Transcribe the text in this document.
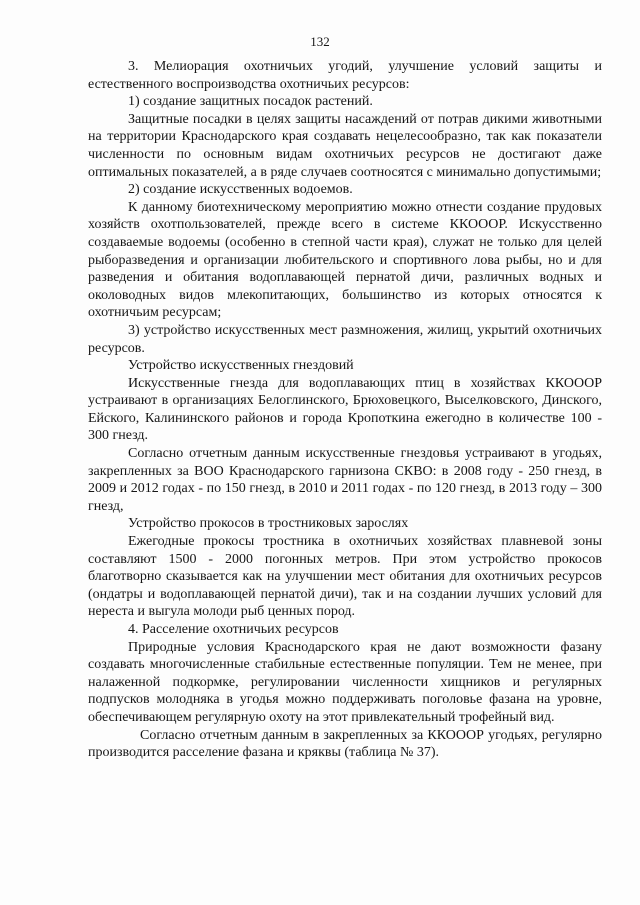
132

3. Мелиорация охотничьих угодий, улучшение условий защиты и естественного воспроизводства охотничьих ресурсов:

1) создание защитных посадок растений.

Защитные посадки в целях защиты насаждений от потрав дикими животными на территории Краснодарского края создавать нецелесообразно, так как показатели численности по основным видам охотничьих ресурсов не достигают даже оптимальных показателей, а в ряде случаев соотносятся с минимально допустимыми;

2) создание искусственных водоемов.

К данному биотехническому мероприятию можно отнести создание прудовых хозяйств охотпользователей, прежде всего в системе ККОООР. Искусственно создаваемые водоемы (особенно в степной части края), служат не только для целей рыборазведения и организации любительского и спортивного лова рыбы, но и для разведения и обитания водоплавающей пернатой дичи, различных водных и околоводных видов млекопитающих, большинство из которых относятся к охотничьим ресурсам;

3) устройство искусственных мест размножения, жилищ, укрытий охотничьих ресурсов.

Устройство искусственных гнездовий

Искусственные гнезда для водоплавающих птиц в хозяйствах ККОООР устраивают в организациях Белоглинского, Брюховецкого, Выселковского, Динского, Ейского, Калининского районов и города Кропоткина ежегодно в количестве 100 - 300 гнезд.

Согласно отчетным данным искусственные гнездовья устраивают в угодьях, закрепленных за ВОО Краснодарского гарнизона СКВО: в 2008 году - 250 гнезд, в 2009 и 2012 годах - по 150 гнезд, в 2010 и 2011 годах - по 120 гнезд, в 2013 году – 300 гнезд,

Устройство прокосов в тростниковых зарослях

Ежегодные прокосы тростника в охотничьих хозяйствах плавневой зоны составляют 1500 - 2000 погонных метров. При этом устройство прокосов благотворно сказывается как на улучшении мест обитания для охотничьих ресурсов (ондатры и водоплавающей пернатой дичи), так и на создании лучших условий для нереста и выгула молоди рыб ценных пород.

4. Расселение охотничьих ресурсов

Природные условия Краснодарского края не дают возможности фазану создавать многочисленные стабильные естественные популяции. Тем не менее, при налаженной подкормке, регулировании численности хищников и регулярных подпусков молодняка в угодья можно поддерживать поголовье фазана на уровне, обеспечивающем регулярную охоту на этот привлекательный трофейный вид.

Согласно отчетным данным в закрепленных за ККОООР угодьях, регулярно производится расселение фазана и кряквы (таблица № 37).
